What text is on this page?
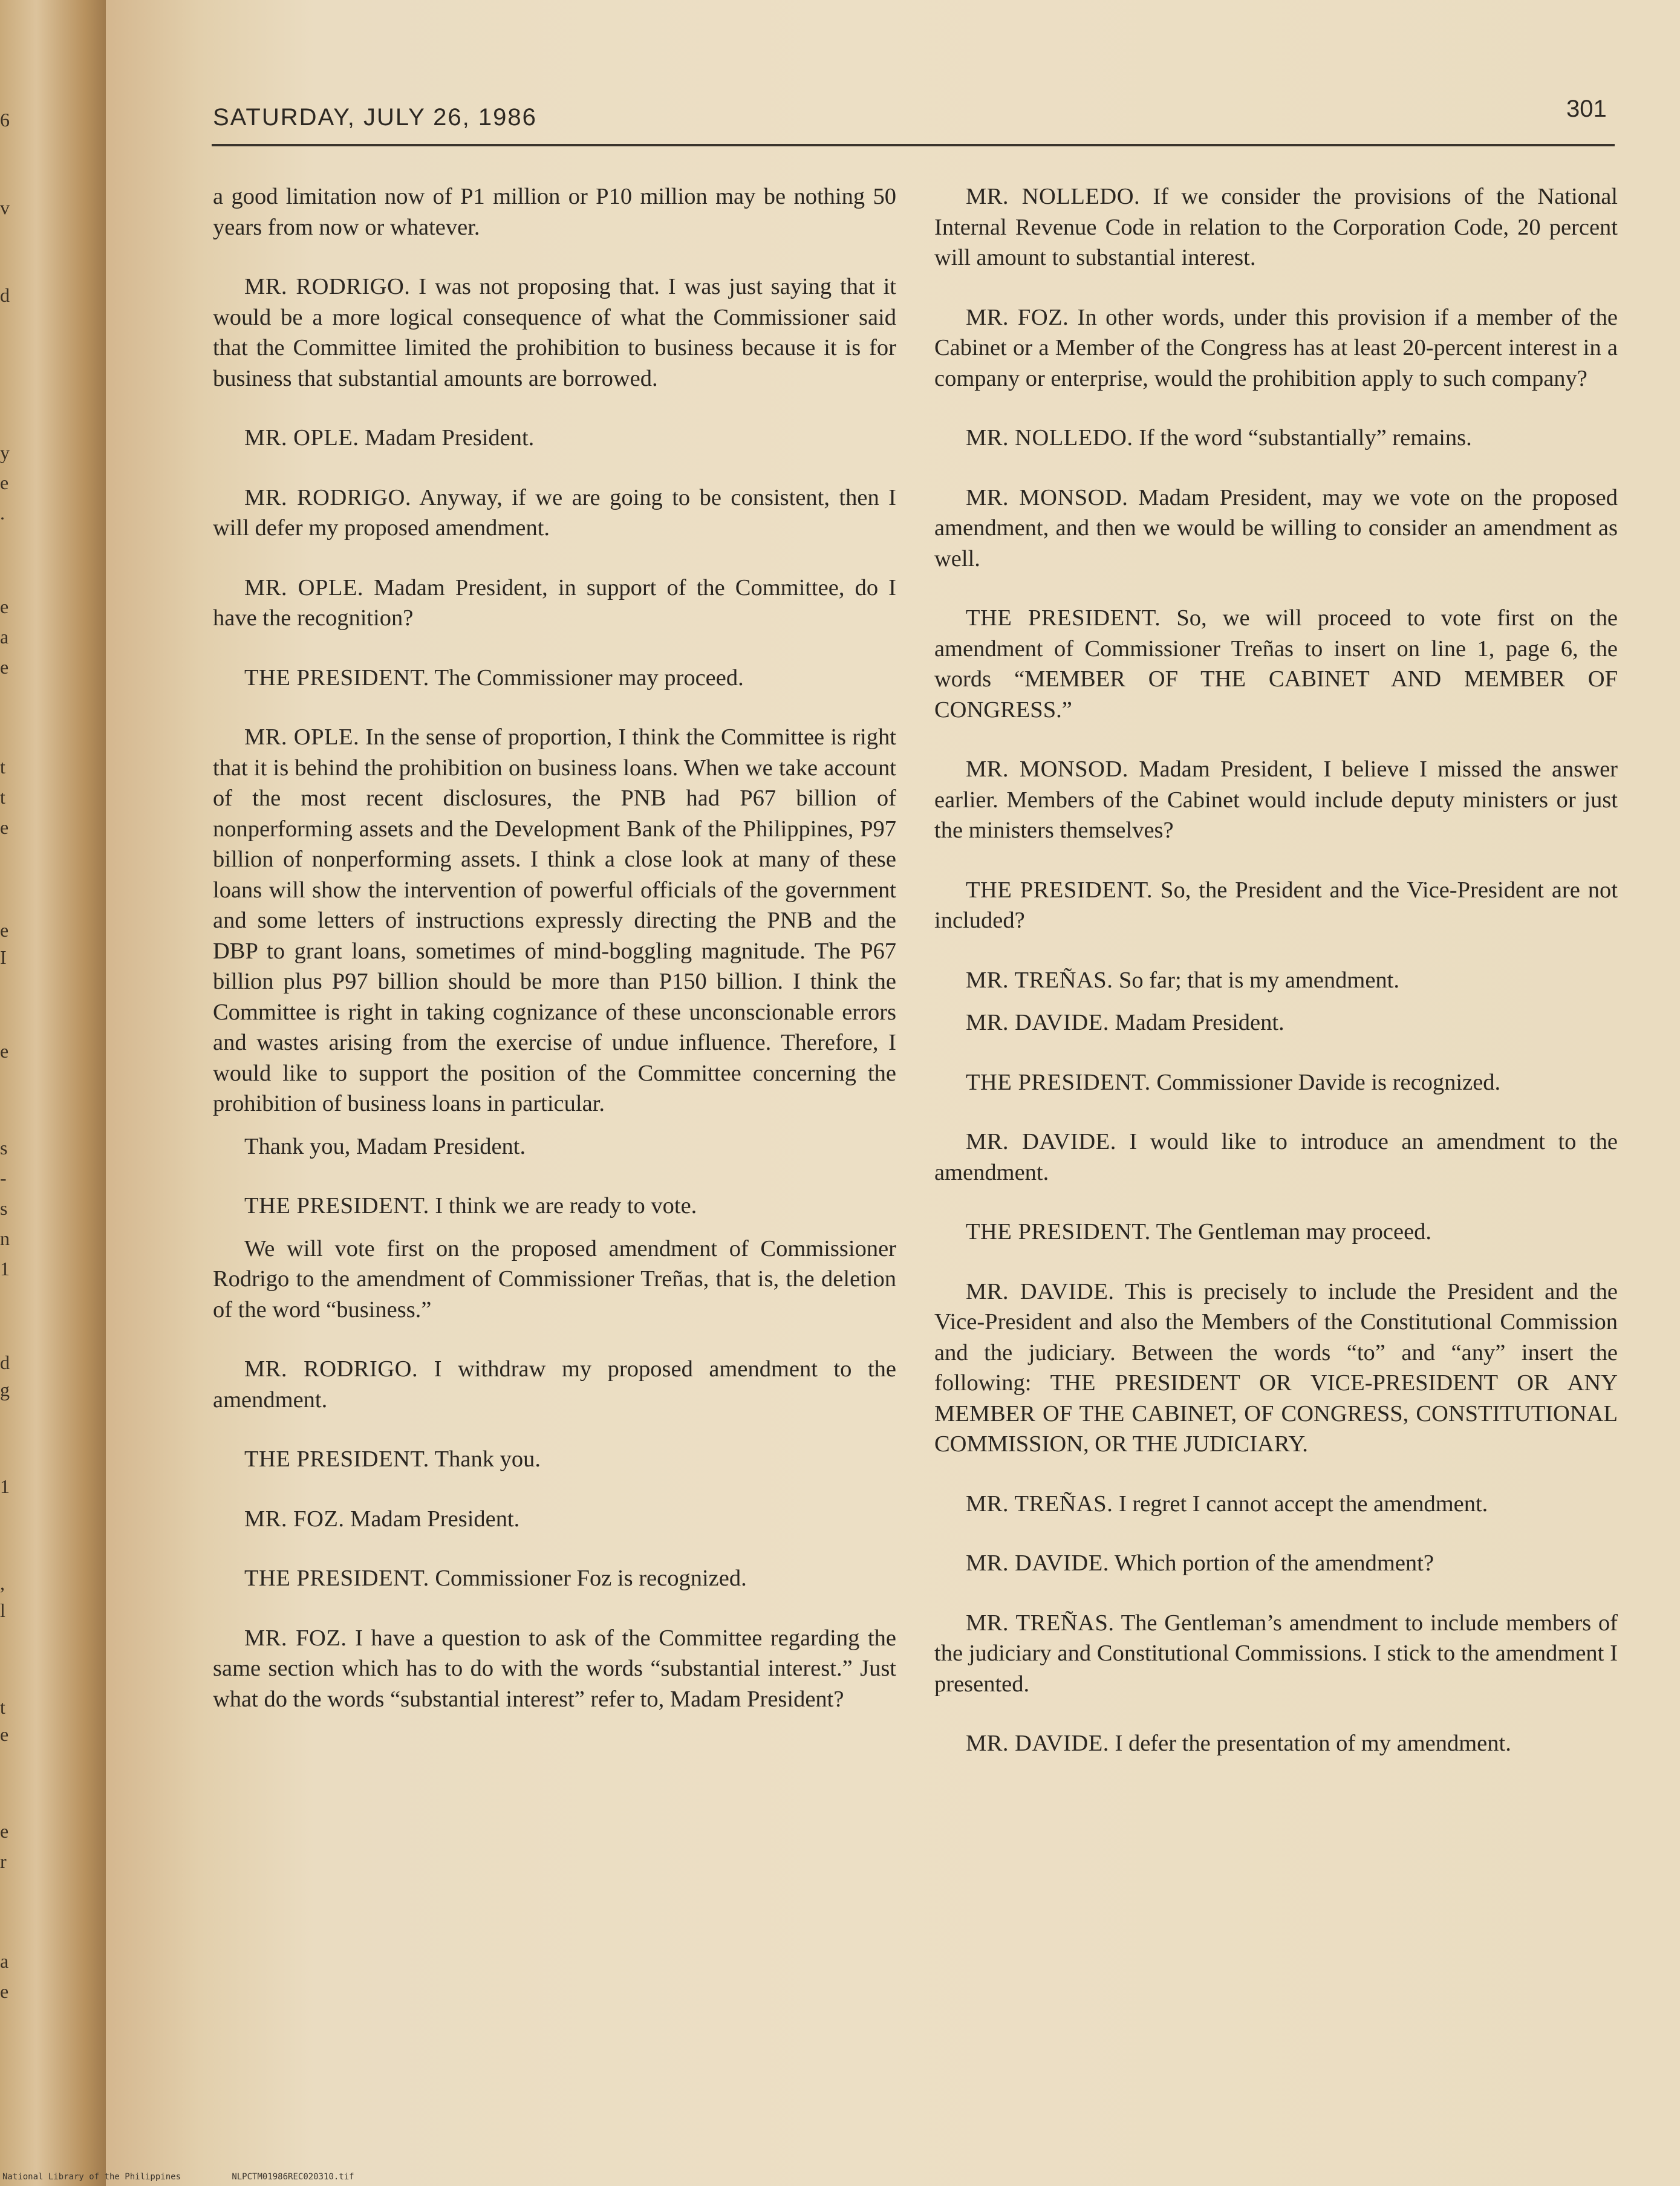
6
v
d
y
e
.
e
a
e
t
t
e
e
I
e
s
-
s
n
1
d
g
1
,
l
t
e
e
r
a
e
SATURDAY, JULY 26, 1986	301

a good limitation now of P1 million or P10 million may be nothing 50 years from now or whatever.

MR. RODRIGO. I was not proposing that. I was just saying that it would be a more logical consequence of what the Commissioner said that the Committee limited the prohibition to business because it is for business that substantial amounts are borrowed.

MR. OPLE. Madam President.

MR. RODRIGO. Anyway, if we are going to be consistent, then I will defer my proposed amendment.

MR. OPLE. Madam President, in support of the Committee, do I have the recognition?

THE PRESIDENT. The Commissioner may proceed.

MR. OPLE. In the sense of proportion, I think the Committee is right that it is behind the prohibition on business loans. When we take account of the most recent disclosures, the PNB had P67 billion of nonperforming assets and the Development Bank of the Philippines, P97 billion of nonperforming assets. I think a close look at many of these loans will show the intervention of powerful officials of the government and some letters of instructions expressly directing the PNB and the DBP to grant loans, sometimes of mind-boggling magnitude. The P67 billion plus P97 billion should be more than P150 billion. I think the Committee is right in taking cognizance of these unconscionable errors and wastes arising from the exercise of undue influence. Therefore, I would like to support the position of the Committee concerning the prohibition of business loans in particular.

Thank you, Madam President.

THE PRESIDENT. I think we are ready to vote.

We will vote first on the proposed amendment of Commissioner Rodrigo to the amendment of Commissioner Treñas, that is, the deletion of the word “business.”

MR. RODRIGO. I withdraw my proposed amendment to the amendment.

THE PRESIDENT. Thank you.

MR. FOZ. Madam President.

THE PRESIDENT. Commissioner Foz is recognized.

MR. FOZ. I have a question to ask of the Committee regarding the same section which has to do with the words “substantial interest.” Just what do the words “substantial interest” refer to, Madam President?

MR. NOLLEDO. If we consider the provisions of the National Internal Revenue Code in relation to the Corporation Code, 20 percent will amount to substantial interest.

MR. FOZ. In other words, under this provision if a member of the Cabinet or a Member of the Congress has at least 20-percent interest in a company or enterprise, would the prohibition apply to such company?

MR. NOLLEDO. If the word “substantially” remains.

MR. MONSOD. Madam President, may we vote on the proposed amendment, and then we would be willing to consider an amendment as well.

THE PRESIDENT. So, we will proceed to vote first on the amendment of Commissioner Treñas to insert on line 1, page 6, the words “MEMBER OF THE CABINET AND MEMBER OF CONGRESS.”

MR. MONSOD. Madam President, I believe I missed the answer earlier. Members of the Cabinet would include deputy ministers or just the ministers themselves?

THE PRESIDENT. So, the President and the Vice-President are not included?

MR. TREÑAS. So far; that is my amendment.

MR. DAVIDE. Madam President.

THE PRESIDENT. Commissioner Davide is recognized.

MR. DAVIDE. I would like to introduce an amendment to the amendment.

THE PRESIDENT. The Gentleman may proceed.

MR. DAVIDE. This is precisely to include the President and the Vice-President and also the Members of the Constitutional Commission and the judiciary. Between the words “to” and “any” insert the following: THE PRESIDENT OR VICE-PRESIDENT OR ANY MEMBER OF THE CABINET, OF CONGRESS, CONSTITUTIONAL COMMISSION, OR THE JUDICIARY.

MR. TREÑAS. I regret I cannot accept the amendment.

MR. DAVIDE. Which portion of the amendment?

MR. TREÑAS. The Gentleman’s amendment to include members of the judiciary and Constitutional Commissions. I stick to the amendment I presented.

MR. DAVIDE. I defer the presentation of my amendment.

National Library of the Philippines	NLPCTM01986REC020310.tif
